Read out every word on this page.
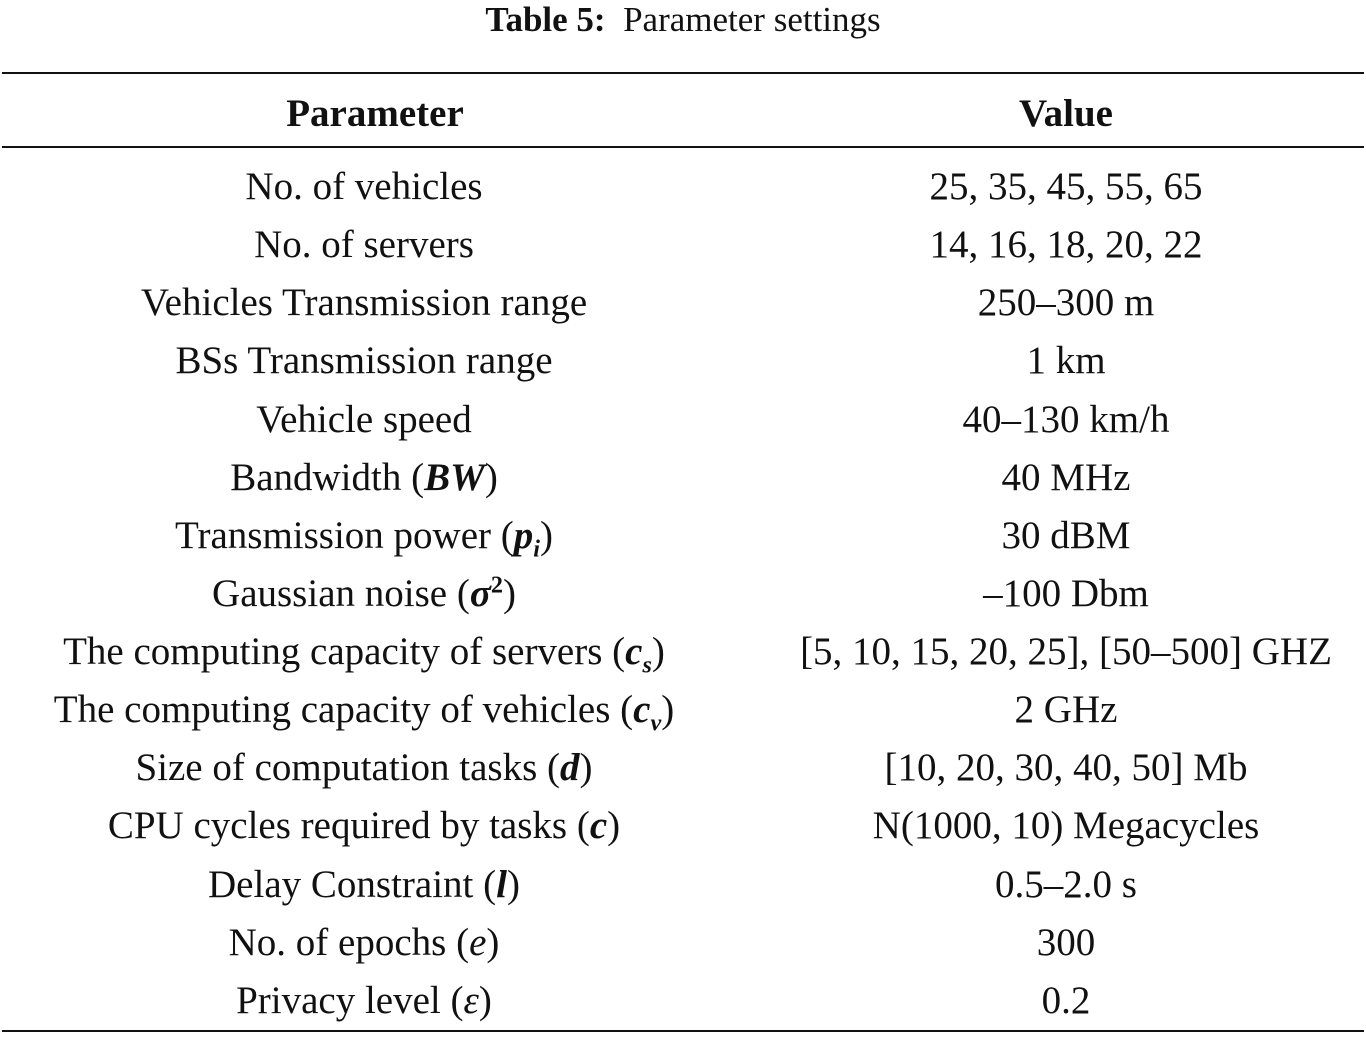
Table 5: Parameter settings
Parameter	Value
No. of vehicles	25, 35, 45, 55, 65
No. of servers	14, 16, 18, 20, 22
Vehicles Transmission range	250–300 m
BSs Transmission range	1 km
Vehicle speed	40–130 km/h
Bandwidth (BW)	40 MHz
Transmission power $(p_i)$	30 dBM
Gaussian noise $(\sigma^2)$	–100 Dbm
The computing capacity of servers $(c_s)$	[5, 10, 15, 20, 25], [50–500] GHZ
The computing capacity of vehicles $(c_v)$	2 GHz
Size of computation tasks (d)	[10, 20, 30, 40, 50] Mb
CPU cycles required by tasks (c)	N(1000, 10) Megacycles
Delay Constraint (l)	0.5–2.0 s
No. of epochs (e)	300
Privacy level (ε)	0.2
